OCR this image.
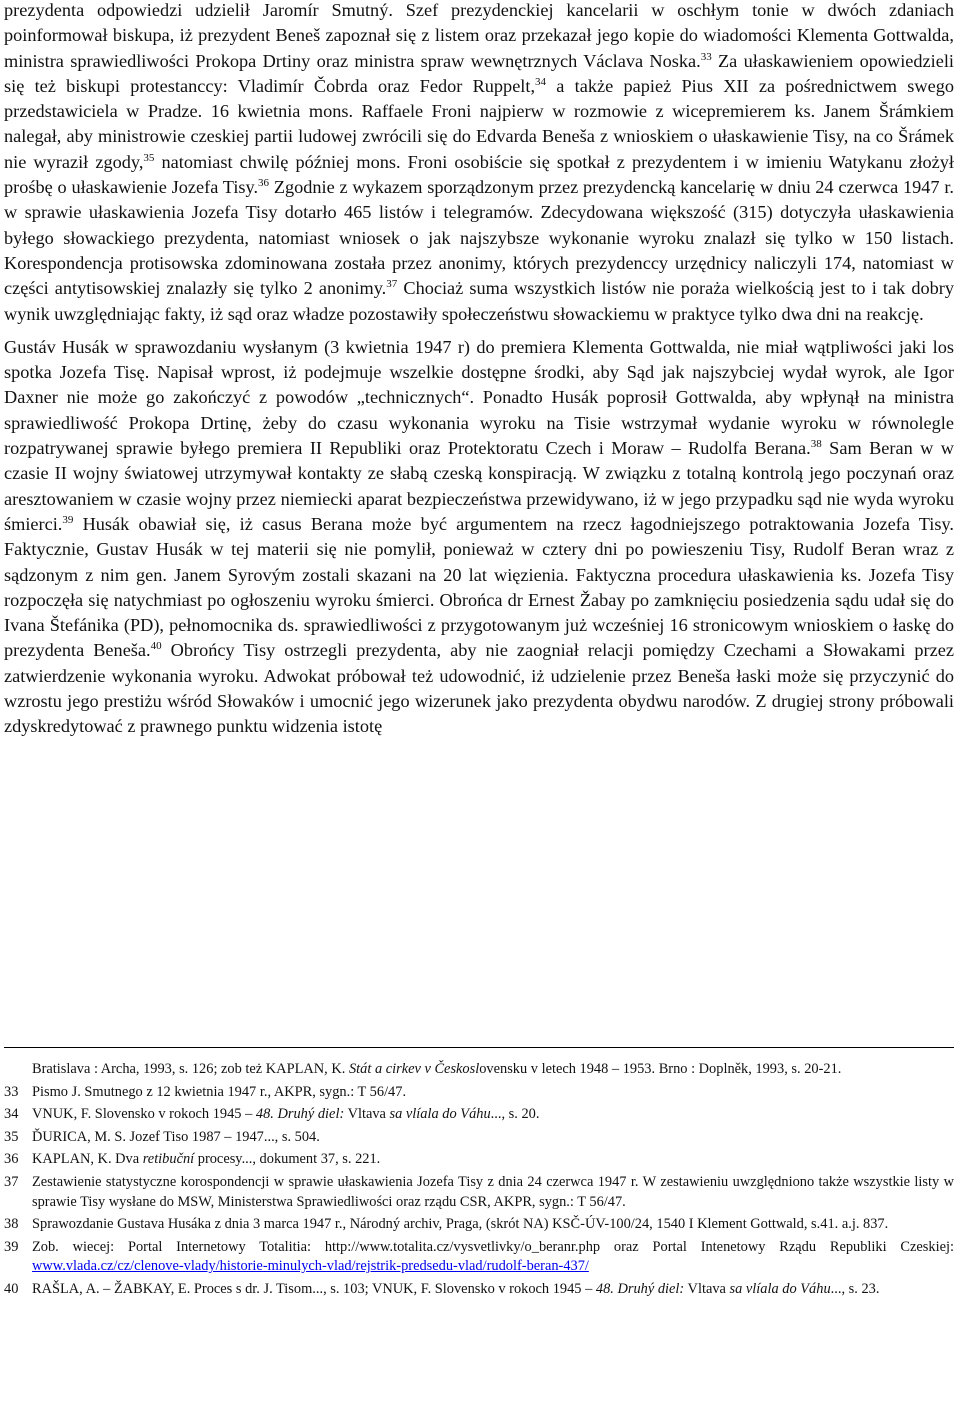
prezydenta odpowiedzi udzielił Jaromír Smutný. Szef prezydenckiej kancelarii w oschłym tonie w dwóch zdaniach poinformował biskupa, iż prezydent Beneš zapoznał się z listem oraz przekazał jego kopie do wiadomości Klementa Gottwalda, ministra sprawiedliwości Prokopa Drtiny oraz ministra spraw wewnętrznych Václava Noska.$^{33}$ Za ułaskawieniem opowiedzieli się też biskupi protestanccy: Vladimír Čobrda oraz Fedor Ruppelt,$^{34}$ a także papież Pius XII za pośrednictwem swego przedstawiciela w Pradze. 16 kwietnia mons. Raffaele Froni najpierw w rozmowie z wicepremierem ks. Janem Šrámkiem nalegał, aby ministrowie czeskiej partii ludowej zwrócili się do Edvarda Beneša z wnioskiem o ułaskawienie Tisy, na co Šrámek nie wyraził zgody,$^{35}$ natomiast chwilę później mons. Froni osobiście się spotkał z prezydentem i w imieniu Watykanu złożył prośbę o ułaskawienie Jozefa Tisy.$^{36}$ Zgodnie z wykazem sporządzonym przez prezydencką kancelarię w dniu 24 czerwca 1947 r. w sprawie ułaskawienia Jozefa Tisy dotarło 465 listów i telegramów. Zdecydowana większość (315) dotyczyła ułaskawienia byłego słowackiego prezydenta, natomiast wniosek o jak najszybsze wykonanie wyroku znalazł się tylko w 150 listach. Korespondencja protisowska zdominowana została przez anonimy, których prezydenccy urzędnicy naliczyli 174, natomiast w części antytisowskiej znalazły się tylko 2 anonimy.$^{37}$ Chociaż suma wszystkich listów nie poraża wielkością jest to i tak dobry wynik uwzględniając fakty, iż sąd oraz władze pozostawiły społeczeństwu słowackiemu w praktyce tylko dwa dni na reakcję.

Gustáv Husák w sprawozdaniu wysłanym (3 kwietnia 1947 r) do premiera Klementa Gottwalda, nie miał wątpliwości jaki los spotka Jozefa Tisę. Napisał wprost, iż podejmuje wszelkie dostępne środki, aby Sąd jak najszybciej wydał wyrok, ale Igor Daxner nie może go zakończyć z powodów „technicznych“. Ponadto Husák poprosił Gottwalda, aby wpłynął na ministra sprawiedliwość Prokopa Drtinę, żeby do czasu wykonania wyroku na Tisie wstrzymał wydanie wyroku w równolegle rozpatrywanej sprawie byłego premiera II Republiki oraz Protektoratu Czech i Moraw – Rudolfa Berana.$^{38}$ Sam Beran w w czasie II wojny światowej utrzymywał kontakty ze słabą czeską konspiracją. W związku z totalną kontrolą jego poczynań oraz aresztowaniem w czasie wojny przez niemiecki aparat bezpieczeństwa przewidywano, iż w jego przypadku sąd nie wyda wyroku śmierci.$^{39}$ Husák obawiał się, iż casus Berana może być argumentem na rzecz łagodniejszego potraktowania Jozefa Tisy. Faktycznie, Gustav Husák w tej materii się nie pomylił, ponieważ w cztery dni po powieszeniu Tisy, Rudolf Beran wraz z sądzonym z nim gen. Janem Syrovým zostali skazani na 20 lat więzienia. Faktyczna procedura ułaskawienia ks. Jozefa Tisy rozpoczęła się natychmiast po ogłoszeniu wyroku śmierci. Obrońca dr Ernest Žabay po zamknięciu posiedzenia sądu udał się do Ivana Štefánika (PD), pełnomocnika ds. sprawiedliwości z przygotowanym już wcześniej 16 stronicowym wnioskiem o łaskę do prezydenta Beneša.$^{40}$ Obrońcy Tisy ostrzegli prezydenta, aby nie zaogniał relacji pomiędzy Czechami a Słowakami przez zatwierdzenie wykonania wyroku. Adwokat próbował też udowodnić, iż udzielenie przez Beneša łaski może się przyczynić do wzrostu jego prestiżu wśród Słowaków i umocnić jego wizerunek jako prezydenta obydwu narodów. Z drugiej strony próbowali zdyskredytować z prawnego punktu widzenia istotę

Bratislava : Archa, 1993, s. 126; zob też KAPLAN, K. Stát a cirkev v Československu v letech 1948 – 1953. Brno : Doplněk, 1993, s. 20-21.
33 Pismo J. Smutnego z 12 kwietnia 1947 r., AKPR, sygn.: T 56/47.
34 VNUK, F. Slovensko v rokoch 1945 – 48. Druhý diel: Vltava sa vlíala do Váhu..., s. 20.
35 ĎURICA, M. S. Jozef Tiso 1987 – 1947..., s. 504.
36 KAPLAN, K. Dva retibuční procesy..., dokument 37, s. 221.
37 Zestawienie statystyczne korospondencji w sprawie ułaskawienia Jozefa Tisy z dnia 24 czerwca 1947 r. W zestawieniu uwzględniono także wszystkie listy w sprawie Tisy wysłane do MSW, Ministerstwa Sprawiedliwości oraz rządu CSR, AKPR, sygn.: T 56/47.
38 Sprawozdanie Gustava Husáka z dnia 3 marca 1947 r., Národný archiv, Praga, (skrót NA) KSČ-ÚV-100/24, 1540 I Klement Gottwald, s.41. a.j. 837.
39 Zob. wiecej: Portal Internetowy Totalitia: http://www.totalita.cz/vysvetlivky/o_beranr.php oraz Portal Intenetowy Rządu Republiki Czeskiej: www.vlada.cz/cz/clenove-vlady/historie-minulych-vlad/rejstrik-predsedu-vlad/rudolf-beran-437/
40 RAŠLA, A. – ŽABKAY, E. Proces s dr. J. Tisom..., s. 103; VNUK, F. Slovensko v rokoch 1945 – 48. Druhý diel: Vltava sa vlíala do Váhu..., s. 23.
